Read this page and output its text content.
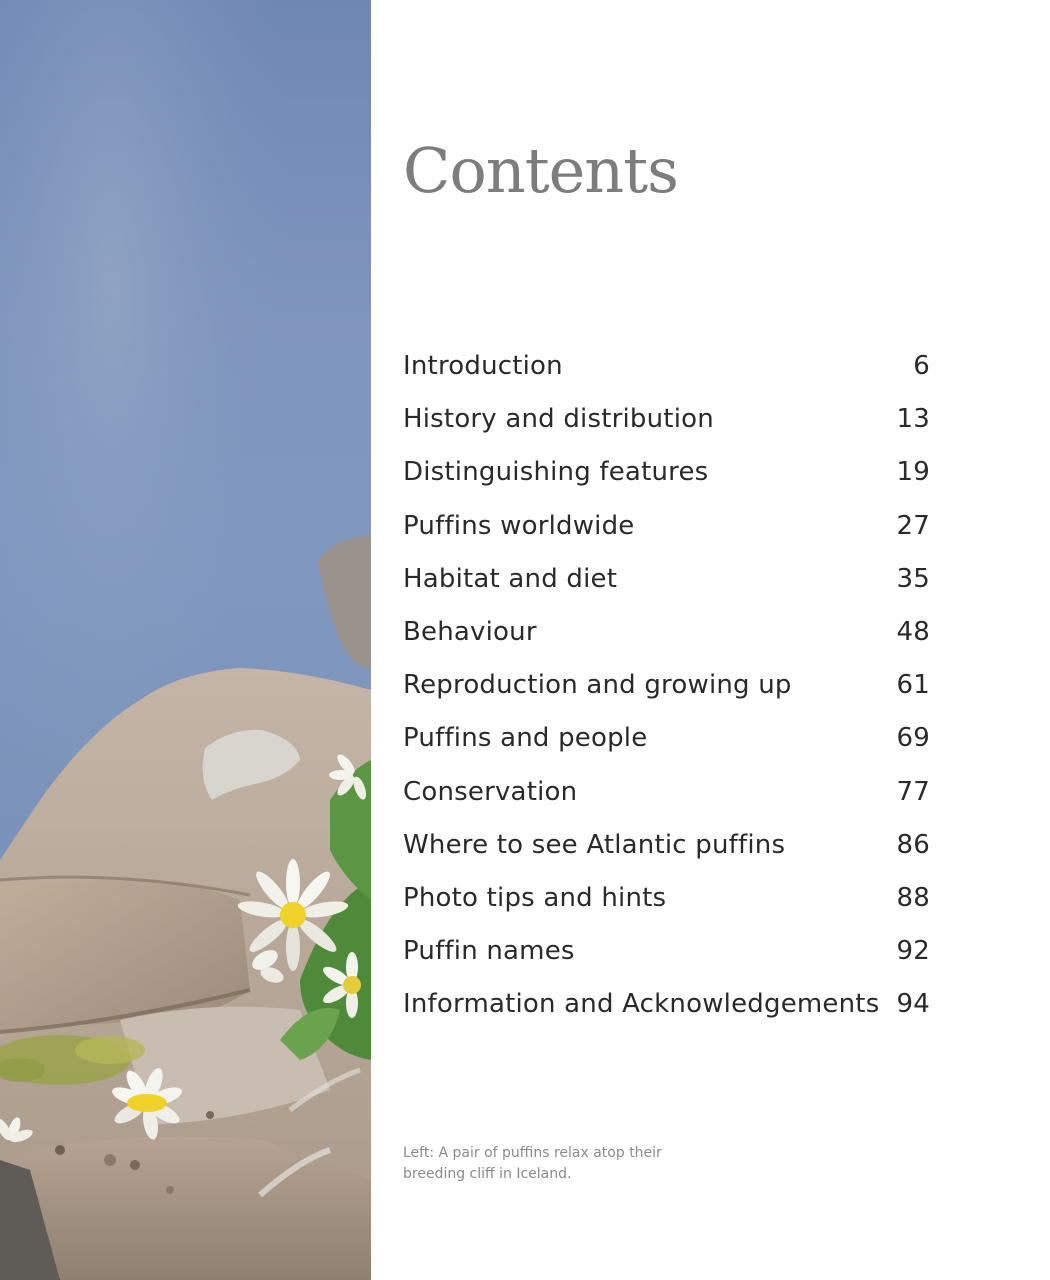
Contents
Introduction	6
History and distribution	13
Distinguishing features	19
Puffins worldwide	27
Habitat and diet	35
Behaviour	48
Reproduction and growing up	61
Puffins and people	69
Conservation	77
Where to see Atlantic puffins	86
Photo tips and hints	88
Puffin names	92
Information and Acknowledgements 94

Left: A pair of puffins relax atop their breeding cliff in Iceland.
